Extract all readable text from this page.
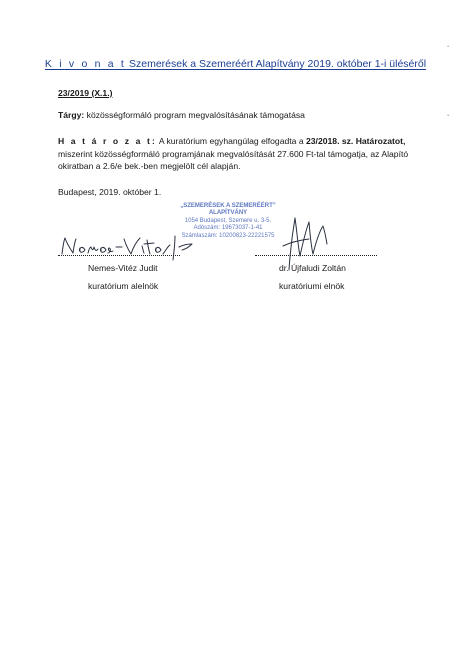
•
•
K i v o n a t Szemerések a Szemeréért Alapítvány 2019. október 1-i üléséről
23/2019 (X.1.)
Tárgy: közösségformáló program megvalósításának támogatása
H a t á r o z a t: A kuratórium egyhangúlag elfogadta a 23/2018. sz. Határozatot, miszerint közösségformáló programjának megvalósítását 27.600 Ft-tal támogatja, az Alapító okiratban a 2.6/e bek.-ben megjelölt cél alapján.
Budapest, 2019. október 1.
„SZEMERÉSEK A SZEMERÉÉRT”
ALAPÍTVÁNY
1054 Budapest, Szemere u. 3-5.
Adószám: 19673037-1-41
Számlaszám: 10200823-22221575
Nemes-Vitéz Judit
kuratórium alelnök
dr. Újfaludi Zoltán
kuratóriumi elnök
